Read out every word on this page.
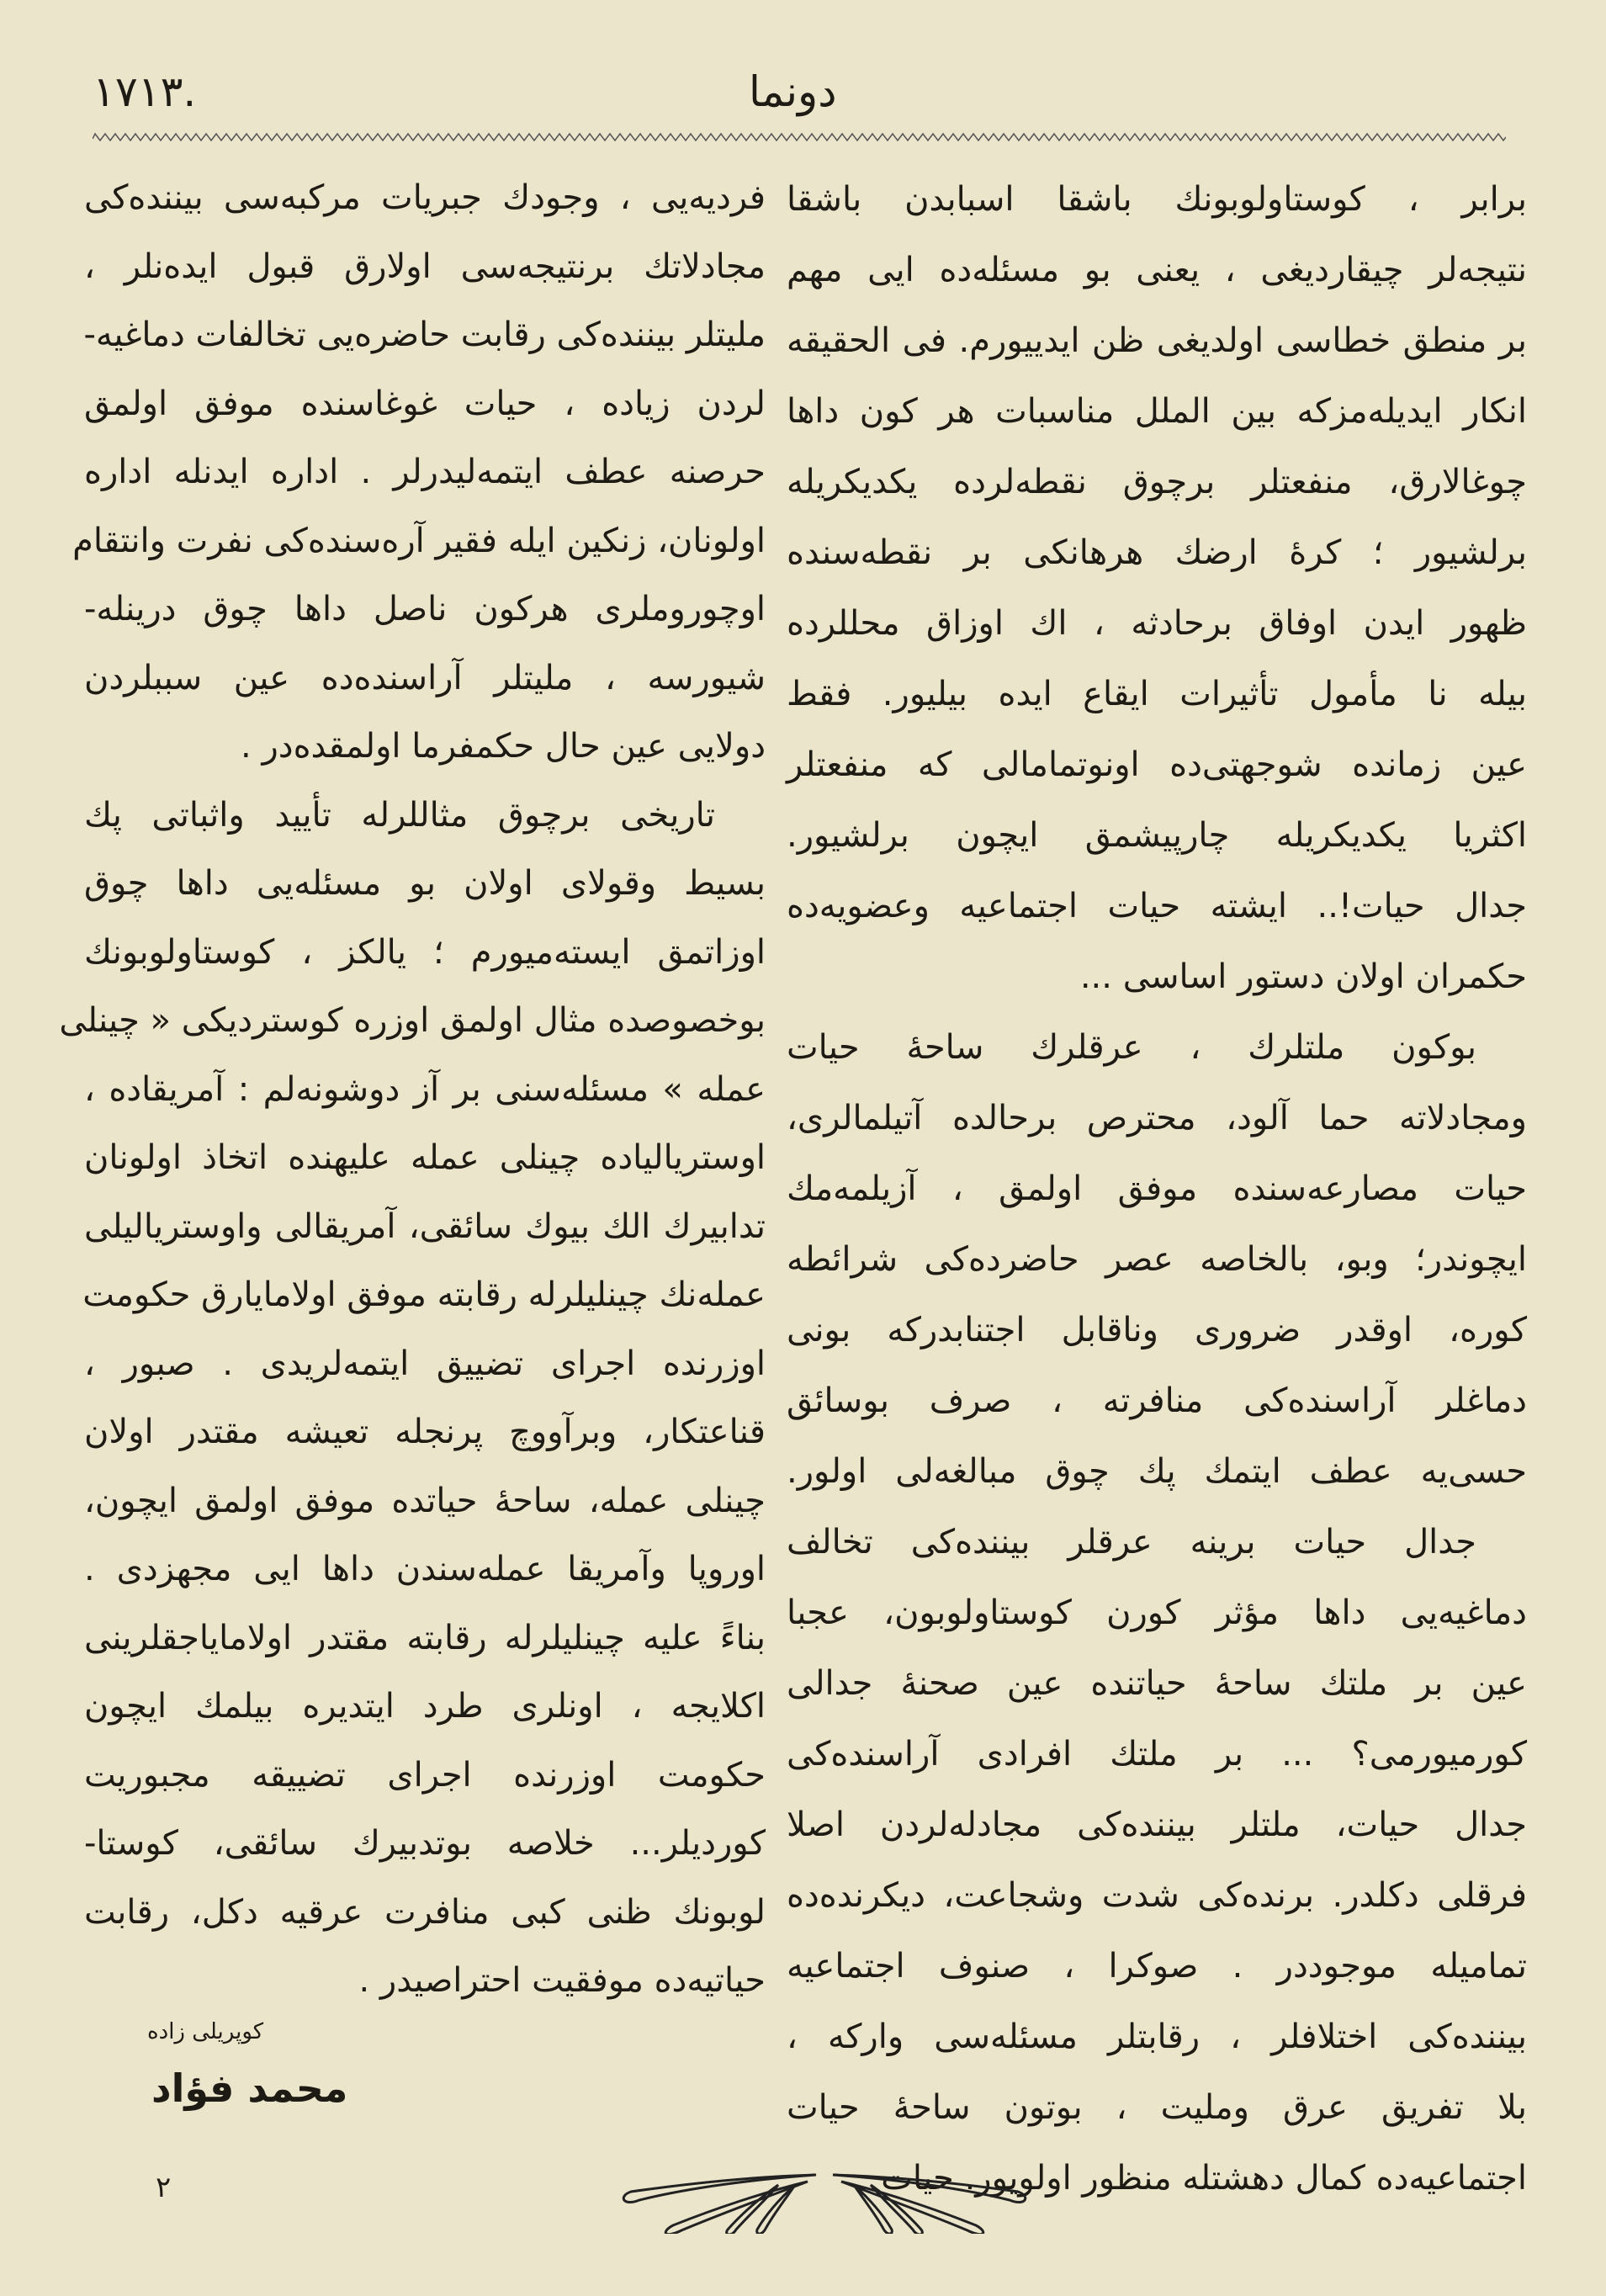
۱۷۱۳.	دونما
برابر ، کوستاولوبونك باشقا اسبابدن باشقا
نتیجه‌لر چیقاردیغی ، یعنی بو مسئله‌ده ایی مهم
بر منطق خطاسی اولدیغی ظن ایدییورم. فی الحقیقه
انکار ایدیله‌مزکه بین الملل مناسبات هر کون داها
چوغالارق، منفعتلر برچوق نقطه‌لرده یکدیکریله
برلشیور ؛ کرهٔ ارضك هرهانکی بر نقطه‌سنده
ظهور ایدن اوفاق برحادثه ، اك اوزاق محللرده
بیله نا مأمول تأثیرات ایقاع ایده بیلیور. فقط
عین زمانده شوجهتی‌ده اونوتمامالی که منفعتلر
اکثریا یکدیکریله چارپیشمق ایچون برلشیور.
جدال حیات!.. ایشته حیات اجتماعیه وعضویه‌ده
حکمران اولان دستور اساسی ...
بوکون ملتلرك ، عرقلرك ساحهٔ حیات
ومجادلاته حما آلود، محترص برحالده آتیلمالری،
حیات مصارعه‌سنده موفق اولمق ، آزیلمه‌مك
ایچوندر؛ وبو، بالخاصه عصر حاضرده‌کی شرائطه
کوره، اوقدر ضروری وناقابل اجتنابدرکه بونی
دماغلر آراسنده‌کی منافرته ، صرف بوسائق
حسی‌یه عطف ایتمك پك چوق مبالغه‌لی اولور.
جدال حیات برینه عرقلر بیننده‌کی تخالف
دماغیه‌یی داها مؤثر کورن کوستاولوبون، عجبا
عین بر ملتك ساحهٔ حیاتنده عین صحنهٔ جدالی
کورمیورمی؟ ... بر ملتك افرادی آراسنده‌کی
جدال حیات، ملتلر بیننده‌کی مجادله‌لردن اصلا
فرقلی دکلدر. برنده‌کی شدت وشجاعت، دیکرنده‌ده
تمامیله موجوددر . صوکرا ، صنوف اجتماعیه
بیننده‌کی اختلافلر ، رقابتلر مسئله‌سی وارکه ،
بلا تفریق عرق وملیت ، بوتون ساحهٔ حیات
اجتماعیه‌ده کمال دهشتله منظور اولویور. حیات
فردیه‌یی ، وجودك جبریات مرکبه‌سی بیننده‌کی
مجادلاتك برنتیجه‌سی اولارق قبول ایده‌نلر ،
ملیتلر بیننده‌کی رقابت حاضره‌یی تخالفات دماغیه‌-
لردن زیاده ، حیات غوغاسنده موفق اولمق
حرصنه عطف ایتمه‌لیدرلر . اداره ایدنله اداره
اولونان، زنکین ایله فقیر آره‌سنده‌کی نفرت وانتقام
اوچوروملری هرکون ناصل داها چوق درینله-
شیورسه ، ملیتلر آراسنده‌ده عین سببلردن
دولایی عین حال حکمفرما اولمقده‌در .
تاریخی برچوق مثاللرله تأیید واثباتی پك
بسیط وقولای اولان بو مسئله‌یی داها چوق
اوزاتمق ایسته‌میورم ؛ یالکز ، کوستاولوبونك
بوخصوصده مثال اولمق اوزره کوستردیکی « چینلی
عمله » مسئله‌سنی بر آز دوشونه‌لم : آمریقاده ،
اوستریالیاده چینلی عمله علیهنده اتخاذ اولونان
تدابیرك الك بیوك سائقی، آمریقالی واوستریالیلی
عمله‌نك چینلیلرله رقابته موفق اولامایارق حکومت
اوزرنده اجرای تضییق ایتمه‌لریدی . صبور ،
قناعتکار، وبرآووچ پرنجله تعیشه مقتدر اولان
چینلی عمله، ساحهٔ حیاتده موفق اولمق ایچون،
اوروپا وآمریقا عمله‌سندن داها ایی مجهزدی .
بناءً علیه چینلیلرله رقابته مقتدر اولامایاجقلرینی
اکلایجه ، اونلری طرد ایتدیره بیلمك ایچون
حکومت اوزرنده اجرای تضییقه مجبوریت
کوردیلر... خلاصه بوتدبیرك سائقی، کوستا-
لوبونك ظنی کبی منافرت عرقیه دکل، رقابت
حیاتیه‌ده موفقیت احتراصیدر .
کوپریلی زاده
محمد فؤاد
۲
